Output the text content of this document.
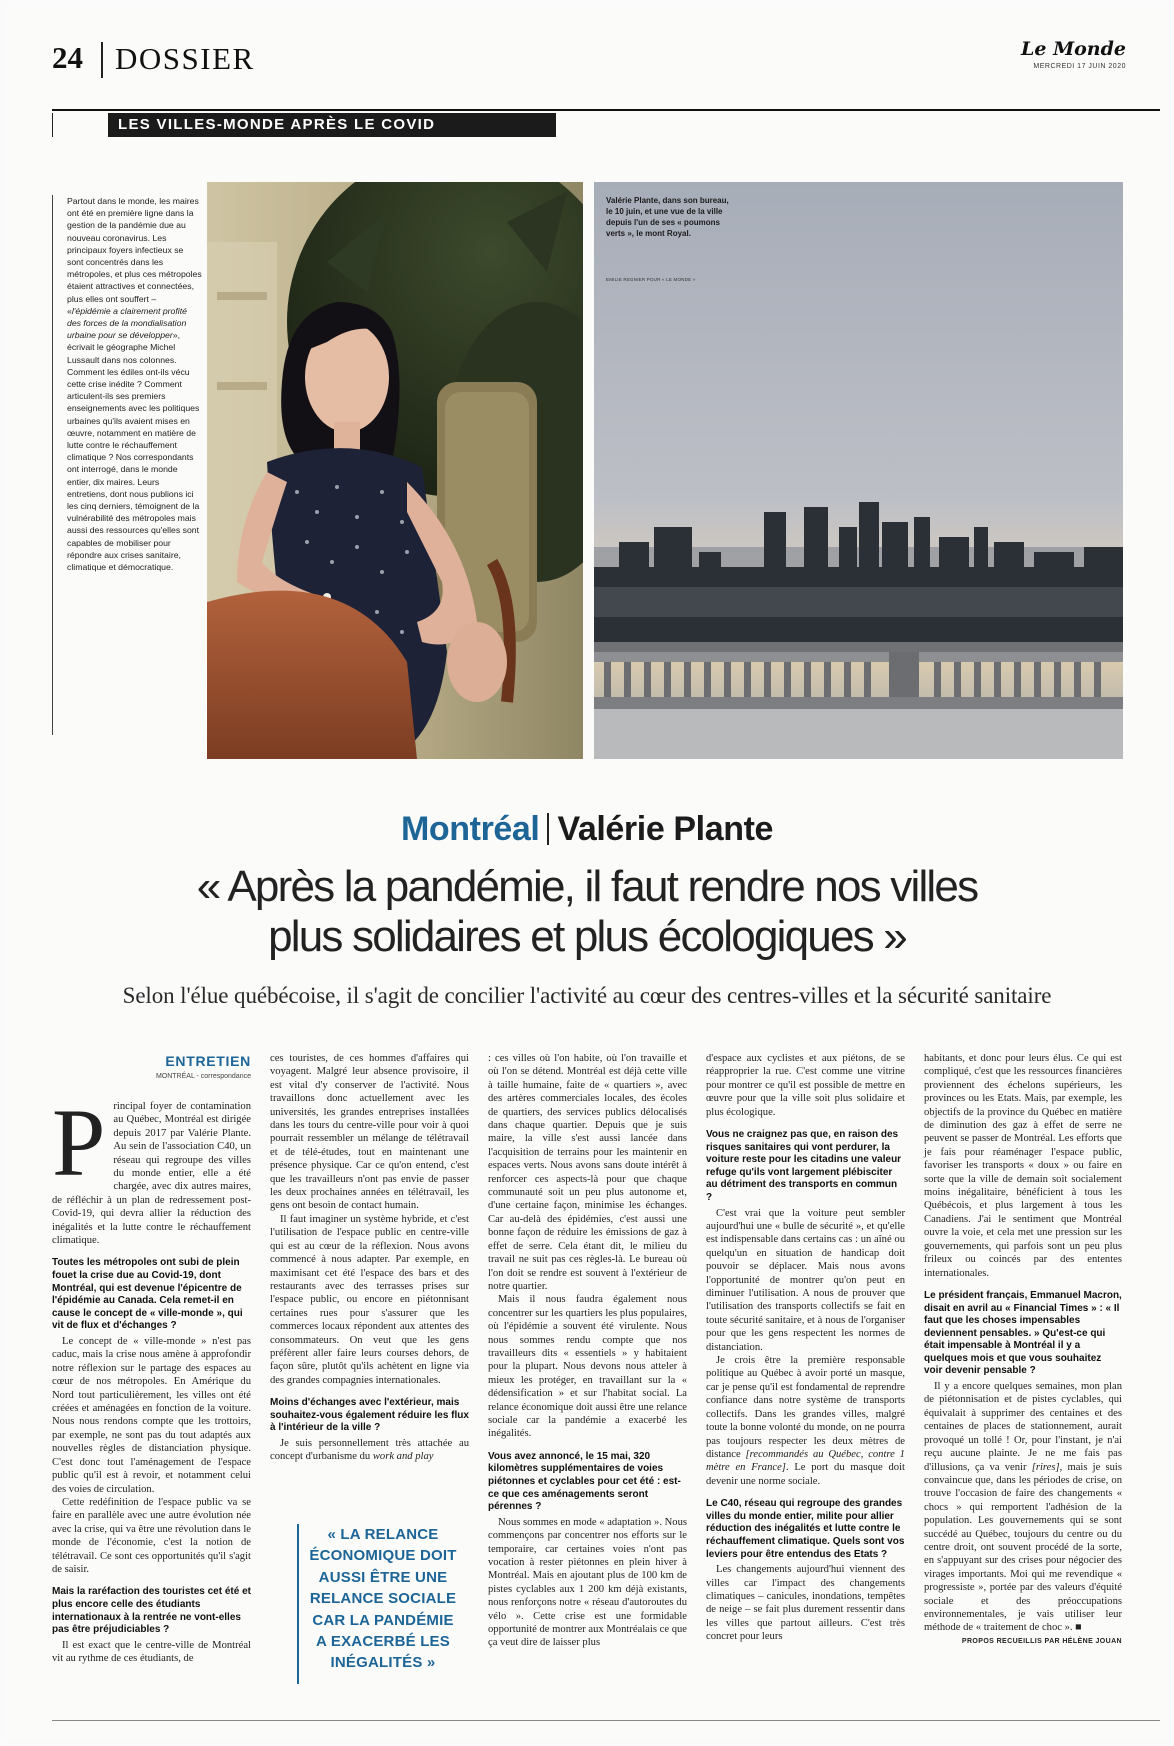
24 DOSSIER	Le Monde
MERCREDI 17 JUIN 2020
LES VILLES-MONDE APRÈS LE COVID
Partout dans le monde, les maires ont été en première ligne dans la gestion de la pandémie due au nouveau coronavirus. Les principaux foyers infectieux se sont concentrés dans les métropoles, et plus ces métropoles étaient attractives et connectées, plus elles ont souffert – «l'épidémie a clairement profité des forces de la mondialisation urbaine pour se développer», écrivait le géographe Michel Lussault dans nos colonnes. Comment les édiles ont-ils vécu cette crise inédite ? Comment articulent-ils ses premiers enseignements avec les politiques urbaines qu'ils avaient mises en œuvre, notamment en matière de lutte contre le réchauffement climatique ? Nos correspondants ont interrogé, dans le monde entier, dix maires. Leurs entretiens, dont nous publions ici les cinq derniers, témoignent de la vulnérabilité des métropoles mais aussi des ressources qu'elles sont capables de mobiliser pour répondre aux crises sanitaire, climatique et démocratique.
Valérie Plante, dans son bureau, le 10 juin, et une vue de la ville depuis l'un de ses « poumons verts », le mont Royal.
EMILIE REGNIER POUR « LE MONDE »
Montréal Valérie Plante
« Après la pandémie, il faut rendre nos villes
plus solidaires et plus écologiques »
Selon l'élue québécoise, il s'agit de concilier l'activité au cœur des centres-villes et la sécurité sanitaire
ENTRETIEN
MONTRÉAL - correspondance

Principal foyer de contamination au Québec, Montréal est dirigée depuis 2017 par Valérie Plante. Au sein de l'association C40, un réseau qui regroupe des villes du monde entier, elle a été chargée, avec dix autres maires, de réfléchir à un plan de redressement post-Covid-19, qui devra allier la réduction des inégalités et la lutte contre le réchauffement climatique.

Toutes les métropoles ont subi de plein fouet la crise due au Covid-19, dont Montréal, qui est devenue l'épicentre de l'épidémie au Canada. Cela remet-il en cause le concept de « ville-monde », qui vit de flux et d'échanges ?

Le concept de « ville-monde » n'est pas caduc, mais la crise nous amène à approfondir notre réflexion sur le partage des espaces au cœur de nos métropoles. En Amérique du Nord tout particulièrement, les villes ont été créées et aménagées en fonction de la voiture. Nous nous rendons compte que les trottoirs, par exemple, ne sont pas du tout adaptés aux nouvelles règles de distanciation physique. C'est donc tout l'aménagement de l'espace public qu'il est à revoir, et notamment celui des voies de circulation.

Cette redéfinition de l'espace public va se faire en parallèle avec une autre évolution née avec la crise, qui va être une révolution dans le monde de l'économie, c'est la notion de télétravail. Ce sont ces opportunités qu'il s'agit de saisir.

Mais la raréfaction des touristes cet été et plus encore celle des étudiants internationaux à la rentrée ne vont-elles pas être préjudiciables ?

Il est exact que le centre-ville de Montréal vit au rythme de ces étudiants, de

ces touristes, de ces hommes d'affaires qui voyagent. Malgré leur absence provisoire, il est vital d'y conserver de l'activité. Nous travaillons donc actuellement avec les universités, les grandes entreprises installées dans les tours du centre-ville pour voir à quoi pourrait ressembler un mélange de télétravail et de télé-études, tout en maintenant une présence physique. Car ce qu'on entend, c'est que les travailleurs n'ont pas envie de passer les deux prochaines années en télétravail, les gens ont besoin de contact humain.

Il faut imaginer un système hybride, et c'est l'utilisation de l'espace public en centre-ville qui est au cœur de la réflexion. Nous avons commencé à nous adapter. Par exemple, en maximisant cet été l'espace des bars et des restaurants avec des terrasses prises sur l'espace public, ou encore en piétonnisant certaines rues pour s'assurer que les commerces locaux répondent aux attentes des consommateurs. On veut que les gens préfèrent aller faire leurs courses dehors, de façon sûre, plutôt qu'ils achètent en ligne via des grandes compagnies internationales.

Moins d'échanges avec l'extérieur, mais souhaitez-vous également réduire les flux à l'intérieur de la ville ?

Je suis personnellement très attachée au concept d'urbanisme du work and play

« LA RELANCE ÉCONOMIQUE DOIT AUSSI ÊTRE UNE RELANCE SOCIALE CAR LA PANDÉMIE A EXACERBÉ LES INÉGALITÉS »

: ces villes où l'on habite, où l'on travaille et où l'on se détend. Montréal est déjà cette ville à taille humaine, faite de « quartiers », avec des artères commerciales locales, des écoles de quartiers, des services publics délocalisés dans chaque quartier. Depuis que je suis maire, la ville s'est aussi lancée dans l'acquisition de terrains pour les maintenir en espaces verts. Nous avons sans doute intérêt à renforcer ces aspects-là pour que chaque communauté soit un peu plus autonome et, d'une certaine façon, minimise les échanges. Car au-delà des épidémies, c'est aussi une bonne façon de réduire les émissions de gaz à effet de serre. Cela étant dit, le milieu du travail ne suit pas ces règles-là. Le bureau où l'on doit se rendre est souvent à l'extérieur de notre quartier.

Mais il nous faudra également nous concentrer sur les quartiers les plus populaires, où l'épidémie a souvent été virulente. Nous nous sommes rendu compte que nos travailleurs dits « essentiels » y habitaient pour la plupart. Nous devons nous atteler à mieux les protéger, en travaillant sur la « dédensification » et sur l'habitat social. La relance économique doit aussi être une relance sociale car la pandémie a exacerbé les inégalités.

Vous avez annoncé, le 15 mai, 320 kilomètres supplémentaires de voies piétonnes et cyclables pour cet été : est-ce que ces aménagements seront pérennes ?

Nous sommes en mode « adaptation ». Nous commençons par concentrer nos efforts sur le temporaire, car certaines voies n'ont pas vocation à rester piétonnes en plein hiver à Montréal. Mais en ajoutant plus de 100 km de pistes cyclables aux 1 200 km déjà existants, nous renforçons notre « réseau d'autoroutes du vélo ». Cette crise est une formidable opportunité de montrer aux Montréalais ce que ça veut dire de laisser plus

d'espace aux cyclistes et aux piétons, de se réapproprier la rue. C'est comme une vitrine pour montrer ce qu'il est possible de mettre en œuvre pour que la ville soit plus solidaire et plus écologique.

Vous ne craignez pas que, en raison des risques sanitaires qui vont perdurer, la voiture reste pour les citadins une valeur refuge qu'ils vont largement plébisciter au détriment des transports en commun ?

C'est vrai que la voiture peut sembler aujourd'hui une « bulle de sécurité », et qu'elle est indispensable dans certains cas : un aîné ou quelqu'un en situation de handicap doit pouvoir se déplacer. Mais nous avons l'opportunité de montrer qu'on peut en diminuer l'utilisation. A nous de prouver que l'utilisation des transports collectifs se fait en toute sécurité sanitaire, et à nous de l'organiser pour que les gens respectent les normes de distanciation.

Je crois être la première responsable politique au Québec à avoir porté un masque, car je pense qu'il est fondamental de reprendre confiance dans notre système de transports collectifs. Dans les grandes villes, malgré toute la bonne volonté du monde, on ne pourra pas toujours respecter les deux mètres de distance [recommandés au Québec, contre 1 mètre en France]. Le port du masque doit devenir une norme sociale.

Le C40, réseau qui regroupe des grandes villes du monde entier, milite pour allier réduction des inégalités et lutte contre le réchauffement climatique. Quels sont vos leviers pour être entendus des Etats ?

Les changements aujourd'hui viennent des villes car l'impact des changements climatiques – canicules, inondations, tempêtes de neige – se fait plus durement ressentir dans les villes que partout ailleurs. C'est très concret pour leurs

habitants, et donc pour leurs élus. Ce qui est compliqué, c'est que les ressources financières proviennent des échelons supérieurs, les provinces ou les Etats. Mais, par exemple, les objectifs de la province du Québec en matière de diminution des gaz à effet de serre ne peuvent se passer de Montréal. Les efforts que je fais pour réaménager l'espace public, favoriser les transports « doux » ou faire en sorte que la ville de demain soit socialement moins inégalitaire, bénéficient à tous les Québécois, et plus largement à tous les Canadiens. J'ai le sentiment que Montréal ouvre la voie, et cela met une pression sur les gouvernements, qui parfois sont un peu plus frileux ou coincés par des ententes internationales.

Le président français, Emmanuel Macron, disait en avril au « Financial Times » : « Il faut que les choses impensables deviennent pensables. » Qu'est-ce qui était impensable à Montréal il y a quelques mois et que vous souhaitez voir devenir pensable ?

Il y a encore quelques semaines, mon plan de piétonnisation et de pistes cyclables, qui équivalait à supprimer des centaines et des centaines de places de stationnement, aurait provoqué un tollé ! Or, pour l'instant, je n'ai reçu aucune plainte. Je ne me fais pas d'illusions, ça va venir [rires], mais je suis convaincue que, dans les périodes de crise, on trouve l'occasion de faire des changements « chocs » qui remportent l'adhésion de la population. Les gouvernements qui se sont succédé au Québec, toujours du centre ou du centre droit, ont souvent procédé de la sorte, en s'appuyant sur des crises pour négocier des virages importants. Moi qui me revendique « progressiste », portée par des valeurs d'équité sociale et des préoccupations environnementales, je vais utiliser leur méthode de « traitement de choc ». ■

PROPOS RECUEILLIS PAR HÉLÈNE JOUAN
